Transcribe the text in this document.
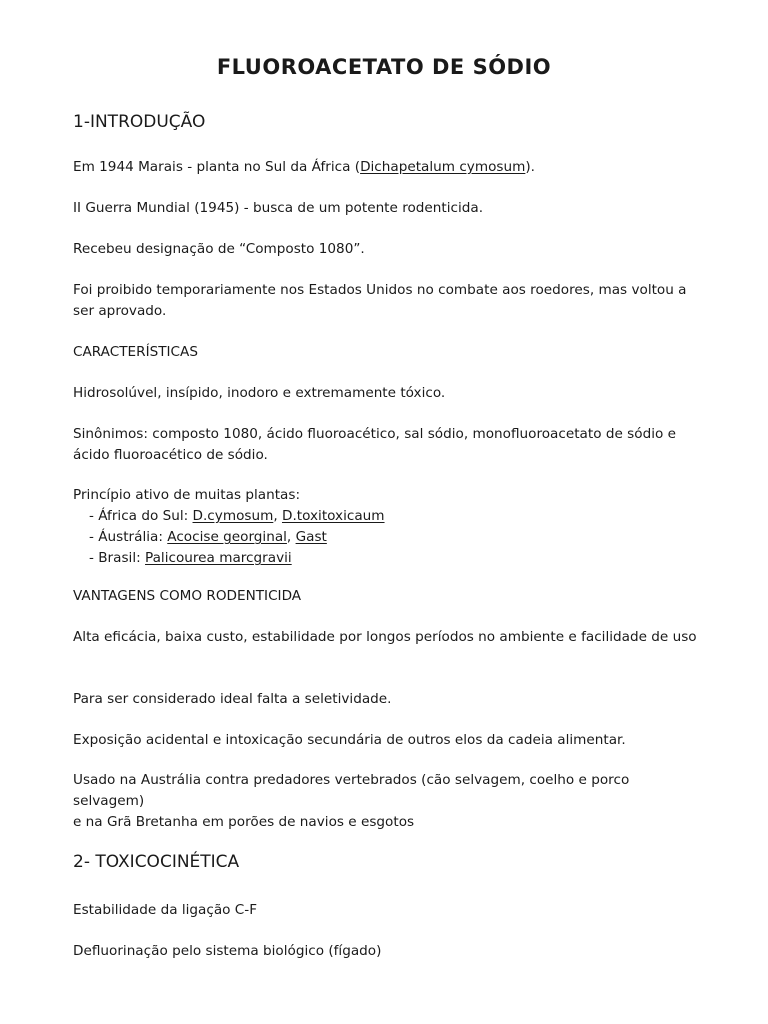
FLUOROACETATO DE SÓDIO
1-INTRODUÇÃO
Em 1944 Marais - planta no Sul da África (Dichapetalum cymosum).
II Guerra Mundial (1945) - busca de um potente rodenticida.
Recebeu designação de “Composto 1080”.
Foi proibido temporariamente nos Estados Unidos no combate aos roedores, mas voltou a ser aprovado.
CARACTERÍSTICAS
Hidrosolúvel, insípido, inodoro e extremamente tóxico.
Sinônimos: composto 1080, ácido fluoroacético, sal sódio, monofluoroacetato de sódio e ácido fluoroacético de sódio.
Princípio ativo de muitas plantas:
- África do Sul: D.cymosum, D.toxitoxicaum
- Áustrália: Acocise georginal, Gast
- Brasil: Palicourea marcgravii
VANTAGENS COMO RODENTICIDA
Alta eficácia, baixa custo, estabilidade por longos períodos no ambiente e facilidade de uso
Para ser considerado ideal falta a seletividade.
Exposição acidental e intoxicação secundária de outros elos da cadeia alimentar.
Usado na Austrália contra predadores vertebrados (cão selvagem, coelho e porco selvagem)
e na Grã Bretanha em porões de navios e esgotos
2- TOXICOCINÉTICA
Estabilidade da ligação C-F
Defluorinação pelo sistema biológico (fígado)
